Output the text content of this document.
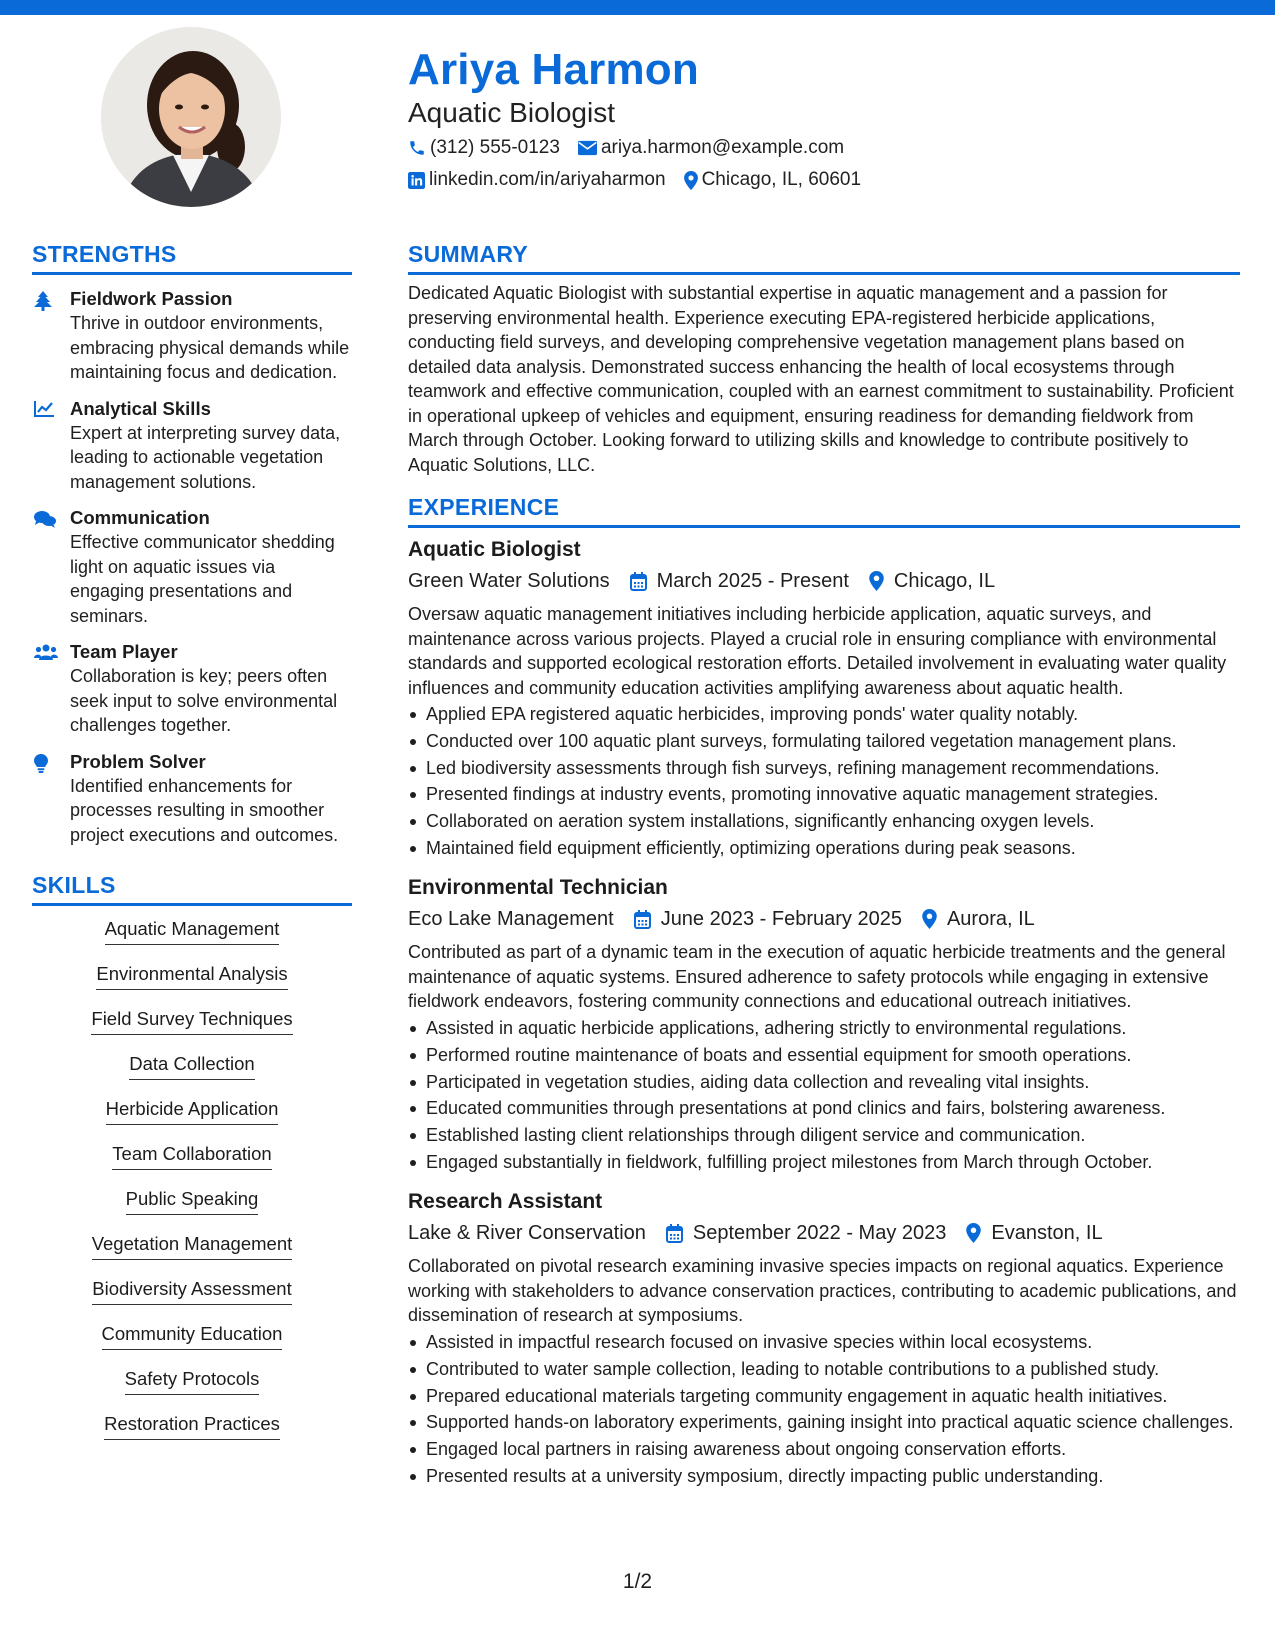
Ariya Harmon
Aquatic Biologist
(312) 555-0123 ariya.harmon@example.com
linkedin.com/in/ariyaharmon Chicago, IL, 60601
STRENGTHS
Fieldwork Passion
Thrive in outdoor environments, embracing physical demands while maintaining focus and dedication.
Analytical Skills
Expert at interpreting survey data, leading to actionable vegetation management solutions.
Communication
Effective communicator shedding light on aquatic issues via engaging presentations and seminars.
Team Player
Collaboration is key; peers often seek input to solve environmental challenges together.
Problem Solver
Identified enhancements for processes resulting in smoother project executions and outcomes.
SKILLS
Aquatic Management
Environmental Analysis
Field Survey Techniques
Data Collection
Herbicide Application
Team Collaboration
Public Speaking
Vegetation Management
Biodiversity Assessment
Community Education
Safety Protocols
Restoration Practices
SUMMARY
Dedicated Aquatic Biologist with substantial expertise in aquatic management and a passion for preserving environmental health. Experience executing EPA-registered herbicide applications, conducting field surveys, and developing comprehensive vegetation management plans based on detailed data analysis. Demonstrated success enhancing the health of local ecosystems through teamwork and effective communication, coupled with an earnest commitment to sustainability. Proficient in operational upkeep of vehicles and equipment, ensuring readiness for demanding fieldwork from March through October. Looking forward to utilizing skills and knowledge to contribute positively to Aquatic Solutions, LLC.
EXPERIENCE
Aquatic Biologist
Green Water Solutions March 2025 - Present Chicago, IL
Oversaw aquatic management initiatives including herbicide application, aquatic surveys, and maintenance across various projects. Played a crucial role in ensuring compliance with environmental standards and supported ecological restoration efforts. Detailed involvement in evaluating water quality influences and community education activities amplifying awareness about aquatic health.
Applied EPA registered aquatic herbicides, improving ponds' water quality notably.
Conducted over 100 aquatic plant surveys, formulating tailored vegetation management plans.
Led biodiversity assessments through fish surveys, refining management recommendations.
Presented findings at industry events, promoting innovative aquatic management strategies.
Collaborated on aeration system installations, significantly enhancing oxygen levels.
Maintained field equipment efficiently, optimizing operations during peak seasons.
Environmental Technician
Eco Lake Management June 2023 - February 2025 Aurora, IL
Contributed as part of a dynamic team in the execution of aquatic herbicide treatments and the general maintenance of aquatic systems. Ensured adherence to safety protocols while engaging in extensive fieldwork endeavors, fostering community connections and educational outreach initiatives.
Assisted in aquatic herbicide applications, adhering strictly to environmental regulations.
Performed routine maintenance of boats and essential equipment for smooth operations.
Participated in vegetation studies, aiding data collection and revealing vital insights.
Educated communities through presentations at pond clinics and fairs, bolstering awareness.
Established lasting client relationships through diligent service and communication.
Engaged substantially in fieldwork, fulfilling project milestones from March through October.
Research Assistant
Lake & River Conservation September 2022 - May 2023 Evanston, IL
Collaborated on pivotal research examining invasive species impacts on regional aquatics. Experience working with stakeholders to advance conservation practices, contributing to academic publications, and dissemination of research at symposiums.
Assisted in impactful research focused on invasive species within local ecosystems.
Contributed to water sample collection, leading to notable contributions to a published study.
Prepared educational materials targeting community engagement in aquatic health initiatives.
Supported hands-on laboratory experiments, gaining insight into practical aquatic science challenges.
Engaged local partners in raising awareness about ongoing conservation efforts.
Presented results at a university symposium, directly impacting public understanding.
1/2
